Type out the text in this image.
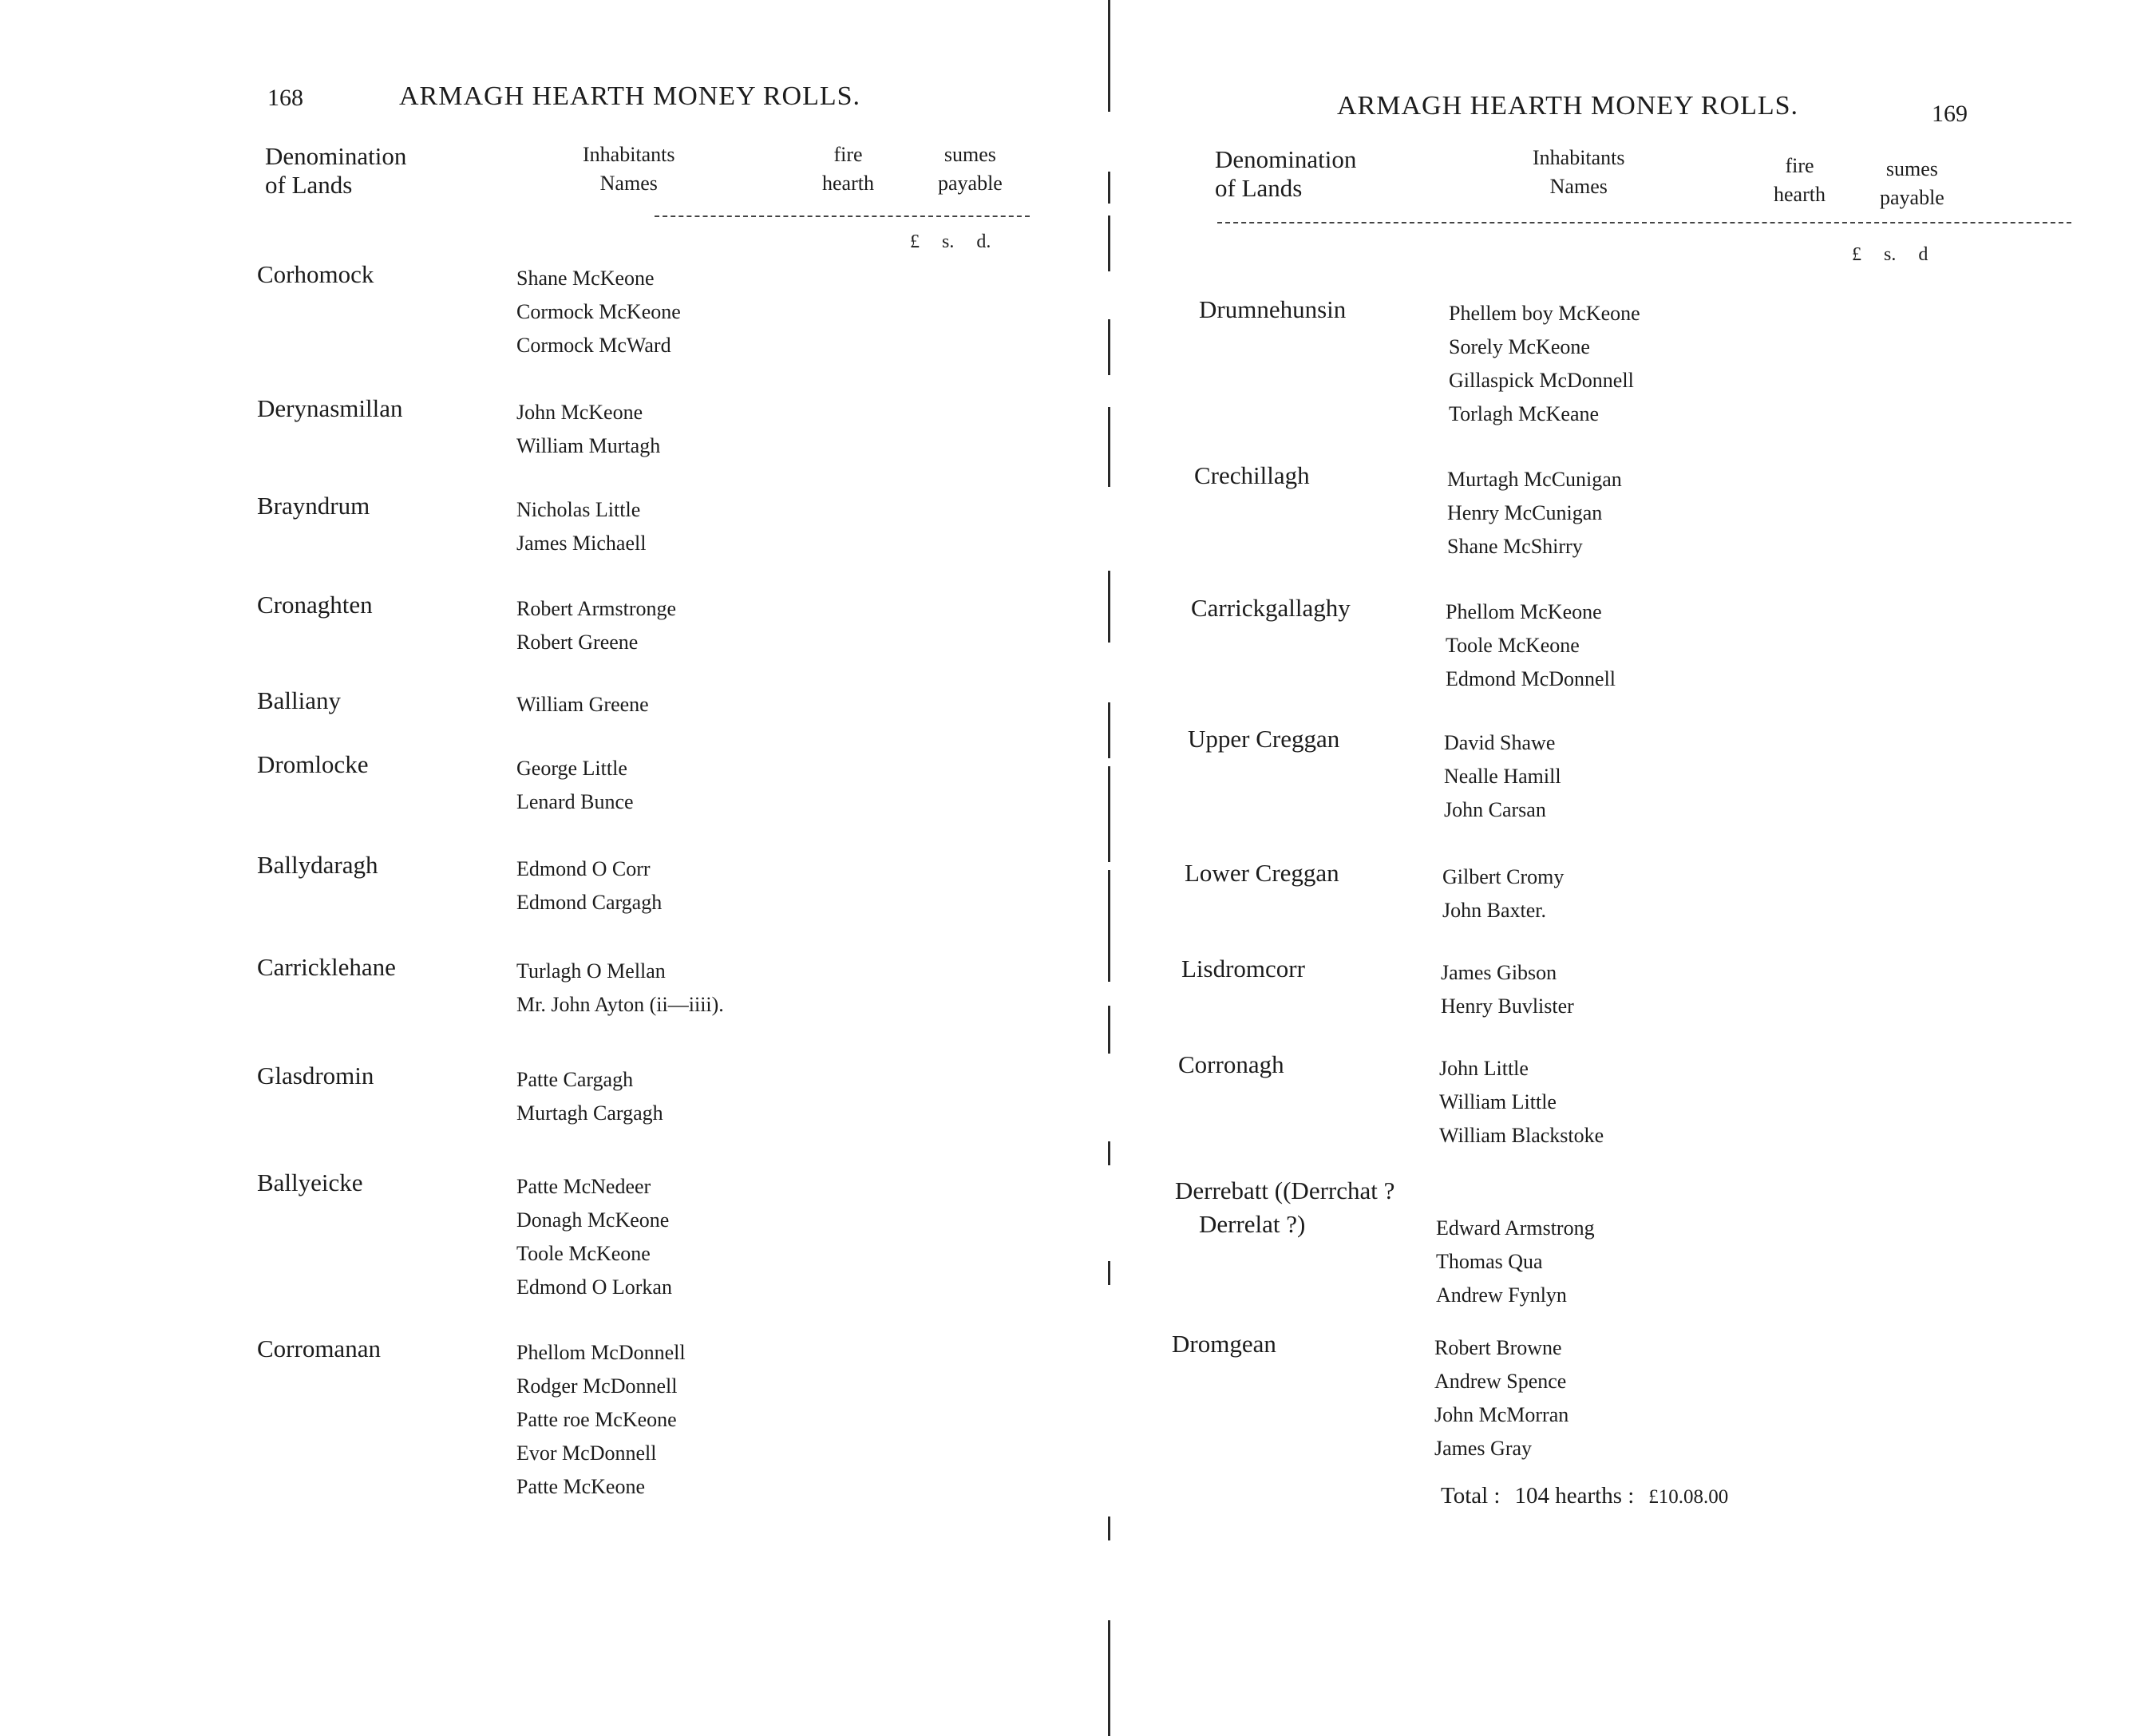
168	ARMAGH HEARTH MONEY ROLLS.
Denomination
of Lands
Inhabitants
Names
fire
hearth
sumes
payable
£ s. d.
Corhomock	Shane McKeone
Cormock McKeone
Cormock McWard
Derynasmillan	John McKeone
William Murtagh
Brayndrum	Nicholas Little
James Michaell
Cronaghten	Robert Armstronge
Robert Greene
Balliany	William Greene
Dromlocke	George Little
Lenard Bunce
Ballydaragh	Edmond O Corr
Edmond Cargagh
Carricklehane	Turlagh O Mellan
Mr. John Ayton (ii—iiii).
Glasdromin	Patte Cargagh
Murtagh Cargagh
Ballyeicke	Patte McNedeer
Donagh McKeone
Toole McKeone
Edmond O Lorkan
Corromanan	Phellom McDonnell
Rodger McDonnell
Patte roe McKeone
Evor McDonnell
Patte McKeone
ARMAGH HEARTH MONEY ROLLS.	169
Denomination
of Lands
Inhabitants
Names
fire
hearth
sumes
payable
£ s. d
Drumnehunsin	Phellem boy McKeone
Sorely McKeone
Gillaspick McDonnell
Torlagh McKeane
Crechillagh	Murtagh McCunigan
Henry McCunigan
Shane McShirry
Carrickgallaghy	Phellom McKeone
Toole McKeone
Edmond McDonnell
Upper Creggan	David Shawe
Nealle Hamill
John Carsan
Lower Creggan	Gilbert Cromy
John Baxter.
Lisdromcorr	James Gibson
Henry Buvlister
Corronagh	John Little
William Little
William Blackstoke
Derrebatt ((Derrchat ?
Derrelat ?)	Edward Armstrong
Thomas Qua
Andrew Fynlyn
Dromgean	Robert Browne
Andrew Spence
John McMorran
James Gray
Total : 104 hearths : £10.08.00
